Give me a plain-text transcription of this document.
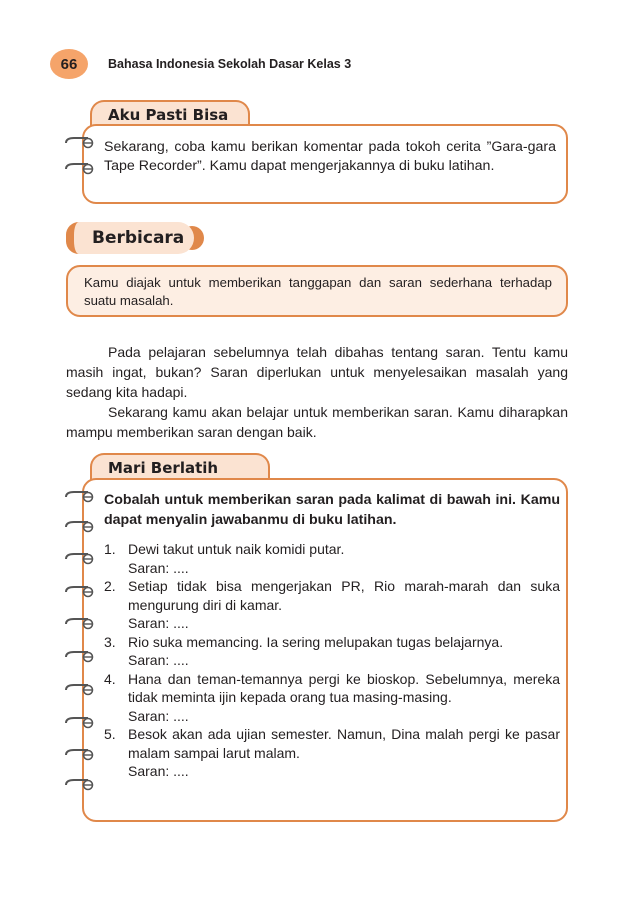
66 Bahasa Indonesia Sekolah Dasar Kelas 3
Aku Pasti Bisa
Sekarang, coba kamu berikan komentar pada tokoh cerita ”Gara-gara Tape Recorder”. Kamu dapat mengerjakannya di buku latihan.
Berbicara
Kamu diajak untuk memberikan tanggapan dan saran sederhana terhadap suatu masalah.
Pada pelajaran sebelumnya telah dibahas tentang saran. Tentu kamu masih ingat, bukan? Saran diperlukan untuk menyelesaikan masalah yang sedang kita hadapi.
Sekarang kamu akan belajar untuk memberikan saran. Kamu diharapkan mampu memberikan saran dengan baik.
Mari Berlatih
Cobalah untuk memberikan saran pada kalimat di bawah ini. Kamu dapat menyalin jawabanmu di buku latihan.
1. Dewi takut untuk naik komidi putar.
Saran: ....
2. Setiap tidak bisa mengerjakan PR, Rio marah-marah dan suka mengurung diri di kamar.
Saran: ....
3. Rio suka memancing. Ia sering melupakan tugas belajarnya.
Saran: ....
4. Hana dan teman-temannya pergi ke bioskop. Sebelumnya, mereka tidak meminta ijin kepada orang tua masing-masing.
Saran: ....
5. Besok akan ada ujian semester. Namun, Dina malah pergi ke pasar malam sampai larut malam.
Saran: ....
